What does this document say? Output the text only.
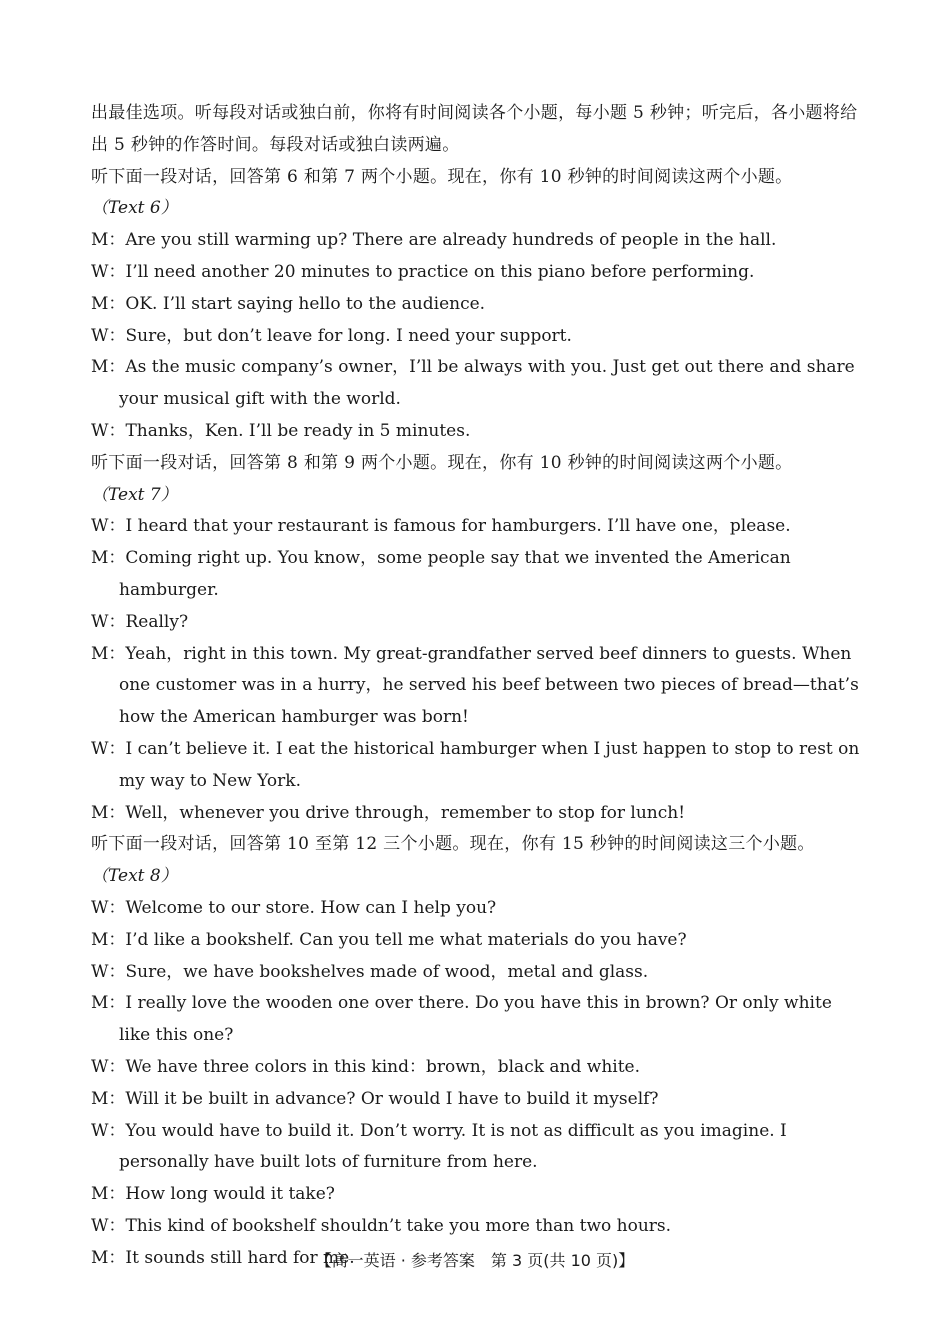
出最佳选项。听每段对话或独白前，你将有时间阅读各个小题，每小题 5 秒钟；听完后，各小题将给出 5 秒钟的作答时间。每段对话或独白读两遍。
听下面一段对话，回答第 6 和第 7 两个小题。现在，你有 10 秒钟的时间阅读这两个小题。
（Text 6）
M：Are you still warming up? There are already hundreds of people in the hall.
W：I’ll need another 20 minutes to practice on this piano before performing.
M：OK. I’ll start saying hello to the audience.
W：Sure，but don’t leave for long. I need your support.
M：As the music company’s owner，I’ll be always with you. Just get out there and share your musical gift with the world.
W：Thanks，Ken. I’ll be ready in 5 minutes.
听下面一段对话，回答第 8 和第 9 两个小题。现在，你有 10 秒钟的时间阅读这两个小题。
（Text 7）
W：I heard that your restaurant is famous for hamburgers. I’ll have one，please.
M：Coming right up. You know，some people say that we invented the American hamburger.
W：Really?
M：Yeah，right in this town. My great-grandfather served beef dinners to guests. When one customer was in a hurry，he served his beef between two pieces of bread—that’s how the American hamburger was born!
W：I can’t believe it. I eat the historical hamburger when I just happen to stop to rest on my way to New York.
M：Well，whenever you drive through，remember to stop for lunch!
听下面一段对话，回答第 10 至第 12 三个小题。现在，你有 15 秒钟的时间阅读这三个小题。
（Text 8）
W：Welcome to our store. How can I help you?
M：I’d like a bookshelf. Can you tell me what materials do you have?
W：Sure，we have bookshelves made of wood，metal and glass.
M：I really love the wooden one over there. Do you have this in brown? Or only white like this one?
W：We have three colors in this kind：brown，black and white.
M：Will it be built in advance? Or would I have to build it myself?
W：You would have to build it. Don’t worry. It is not as difficult as you imagine. I personally have built lots of furniture from here.
M：How long would it take?
W：This kind of bookshelf shouldn’t take you more than two hours.
M：It sounds still hard for me.
【高一英语 · 参考答案　第 3 页(共 10 页)】
